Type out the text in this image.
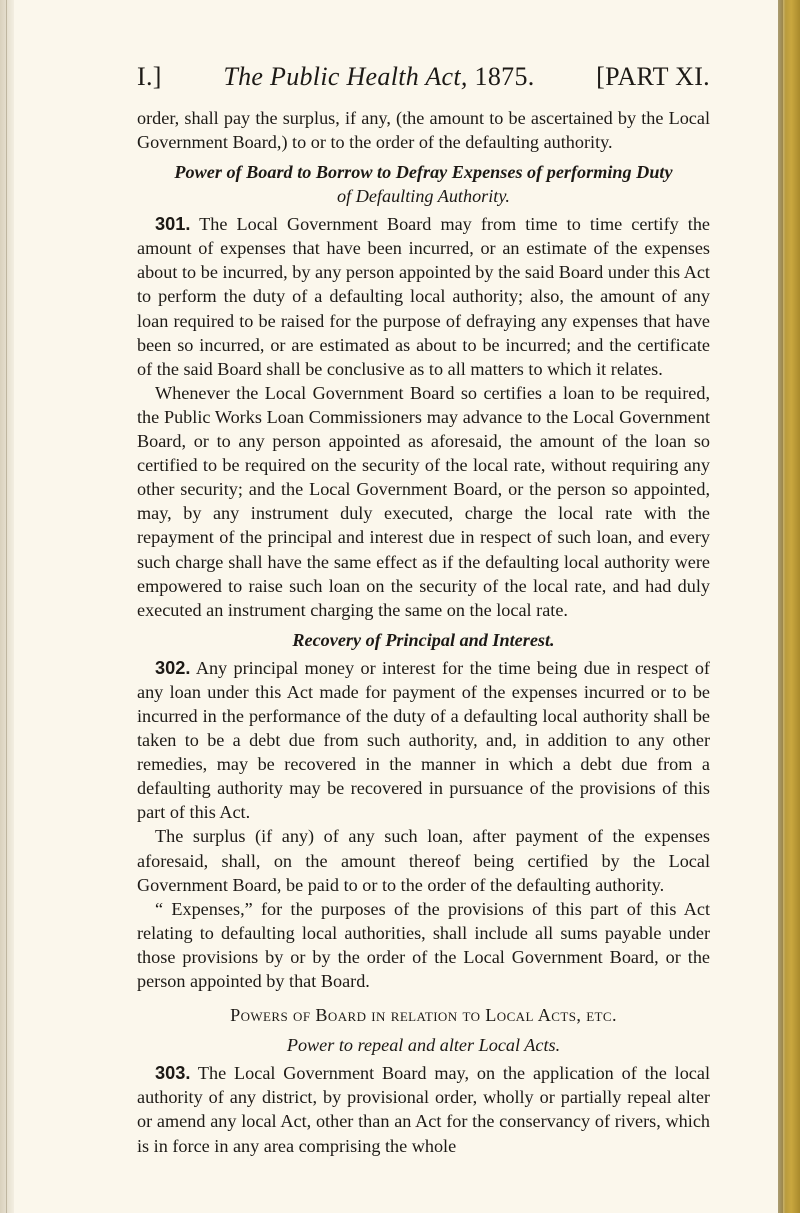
I.] The Public Health Act, 1875. [PART XI.

order, shall pay the surplus, if any, (the amount to be ascertained by the Local Government Board,) to or to the order of the defaulting authority.

Power of Board to Borrow to Defray Expenses of performing Duty
of Defaulting Authority.

301. The Local Government Board may from time to time certify the amount of expenses that have been incurred, or an estimate of the expenses about to be incurred, by any person appointed by the said Board under this Act to perform the duty of a defaulting local authority; also, the amount of any loan required to be raised for the purpose of defraying any expenses that have been so incurred, or are estimated as about to be incurred; and the certificate of the said Board shall be conclusive as to all matters to which it relates.

Whenever the Local Government Board so certifies a loan to be required, the Public Works Loan Commissioners may advance to the Local Government Board, or to any person appointed as aforesaid, the amount of the loan so certified to be required on the security of the local rate, without requiring any other security; and the Local Government Board, or the person so appointed, may, by any instrument duly executed, charge the local rate with the repayment of the principal and interest due in respect of such loan, and every such charge shall have the same effect as if the defaulting local authority were empowered to raise such loan on the security of the local rate, and had duly executed an instrument charging the same on the local rate.

Recovery of Principal and Interest.

302. Any principal money or interest for the time being due in respect of any loan under this Act made for payment of the expenses incurred or to be incurred in the performance of the duty of a defaulting local authority shall be taken to be a debt due from such authority, and, in addition to any other remedies, may be recovered in the manner in which a debt due from a defaulting authority may be recovered in pursuance of the provisions of this part of this Act.

The surplus (if any) of any such loan, after payment of the expenses aforesaid, shall, on the amount thereof being certified by the Local Government Board, be paid to or to the order of the defaulting authority.

“ Expenses,” for the purposes of the provisions of this part of this Act relating to defaulting local authorities, shall include all sums payable under those provisions by or by the order of the Local Government Board, or the person appointed by that Board.

Powers of Board in relation to Local Acts, etc.
Power to repeal and alter Local Acts.

303. The Local Government Board may, on the application of the local authority of any district, by provisional order, wholly or partially repeal alter or amend any local Act, other than an Act for the conservancy of rivers, which is in force in any area comprising the whole
